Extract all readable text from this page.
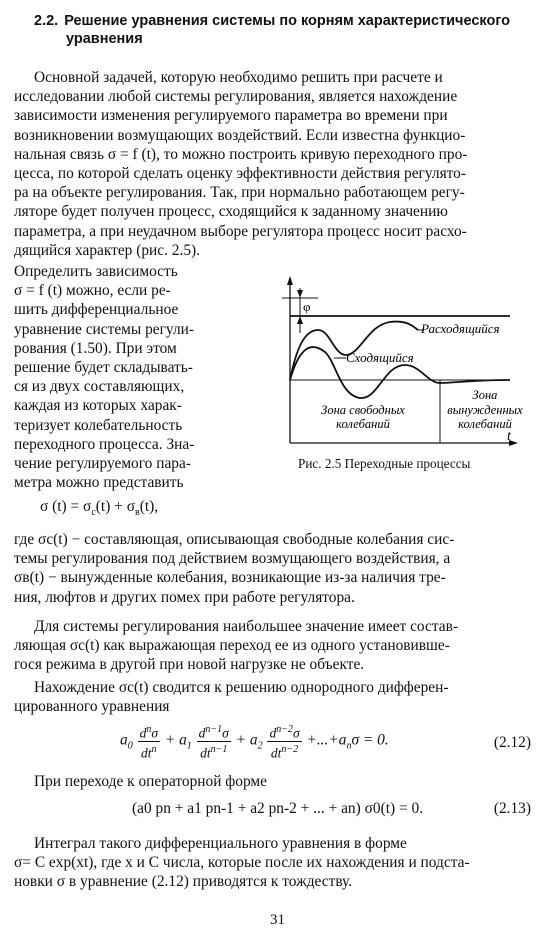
2.2. Решение уравнения системы по корням характеристического
уравнения
Основной задачей, которую необходимо решить при расчете и
исследовании любой системы регулирования, является нахождение
зависимости изменения регулируемого параметра во времени при
возникновении возмущающих воздействий. Если известна функцио-
нальная связь σ = f (t), то можно построить кривую переходного про-
цесса, по которой сделать оценку эффективности действия регулято-
ра на объекте регулирования. Так, при нормально работающем регу-
ляторе будет получен процесс, сходящийся к заданному значению
параметра, а при неудачном выборе регулятора процесс носит расхо-
дящийся характер (рис. 2.5).
Определить зависимость
σ = f (t) можно, если ре-
шить дифференциальное
уравнение системы регули-
рования (1.50). При этом
решение будет складывать-
ся из двух составляющих,
каждая из которых харак-
теризует колебательность
переходного процесса. Зна-
чение регулируемого пара-
метра можно представить
φ
Расходящийся
Сходящийся
Зона свободных
колебаний
Зона
вынужденных
колебаний
t
Рис. 2.5 Переходные процессы
σ $(t) = \sigma_c(t) + \sigma_в(t)$,
где σc(t) − составляющая, описывающая свободные колебания сис-
темы регулирования под действием возмущающего воздействия, а
σв(t) − вынужденные колебания, возникающие из-за наличия тре-
ния, люфтов и других помех при работе регулятора.
Для системы регулирования наибольшее значение имеет состав-
ляющая σc(t) как выражающая переход ее из одного установивше-
гося режима в другой при новой нагрузке не объекте.
Нахождение σc(t) сводится к решению однородного дифферен-
цированного уравнения
$a_0 \frac{d^n\sigma}{dt^n} + a_1 \frac{d^{n-1}\sigma}{dt^{n-1}} + a_2 \frac{d^{n-2}\sigma}{dt^{n-2}} +...+a_n\sigma = 0$.	(2.12)
При переходе к операторной форме
(a0 pn + a1 pn-1 + a2 pn-2 + ... + an) σ0(t) = 0.	(2.13)
Интеграл такого дифференциального уравнения в форме
σ= C exp(xt), где x и C числа, которые после их нахождения и подста-
новки σ в уравнение (2.12) приводятся к тождеству.
31
